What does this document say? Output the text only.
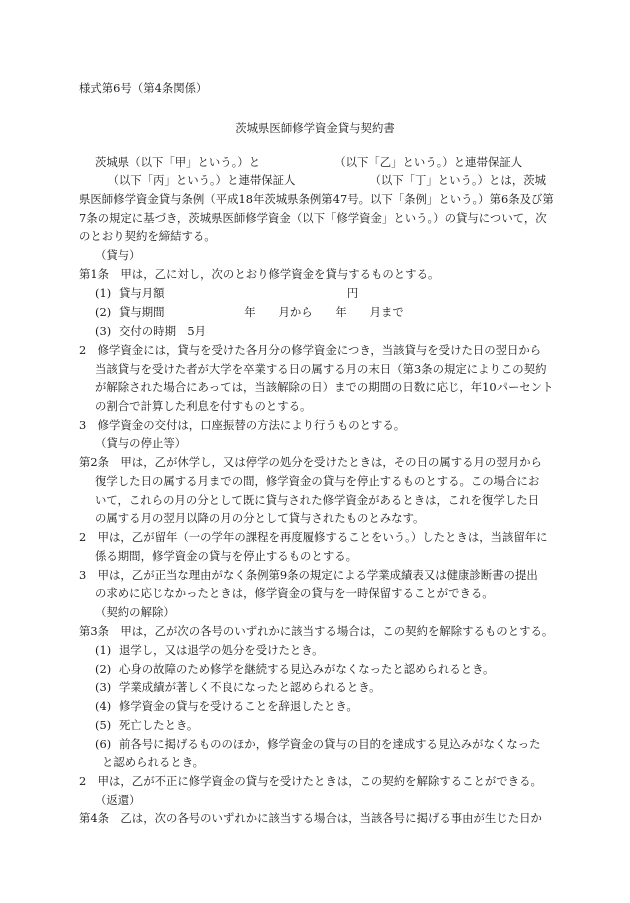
様式第6号（第4条関係）
茨城県医師修学資金貸与契約書
茨城県（以下「甲」という。）と　　　　　　　（以下「乙」という。）と連帯保証人
　　　（以下「丙」という。）と連帯保証人　　　　　　　（以下「丁」という。）とは，茨城
県医師修学資金貸与条例（平成18年茨城県条例第47号。以下「条例」という。）第6条及び第
7条の規定に基づき，茨城県医師修学資金（以下「修学資金」という。）の貸与について，次
のとおり契約を締結する。
（貸与）
第1条　甲は，乙に対し，次のとおり修学資金を貸与するものとする。
(1) 貸与月額　　　　　　　　　　　　　　　　円
(2) 貸与期間　　　　　　　年　　月から　　年　　月まで
(3) 交付の時期　5月
2　修学資金には，貸与を受けた各月分の修学資金につき，当該貸与を受けた日の翌日から
当該貸与を受けた者が大学を卒業する日の属する月の末日（第3条の規定によりこの契約
が解除された場合にあっては，当該解除の日）までの期間の日数に応じ，年10パーセント
の割合で計算した利息を付すものとする。
3　修学資金の交付は，口座振替の方法により行うものとする。
（貸与の停止等）
第2条　甲は，乙が休学し，又は停学の処分を受けたときは，その日の属する月の翌月から
復学した日の属する月までの間，修学資金の貸与を停止するものとする。この場合にお
いて，これらの月の分として既に貸与された修学資金があるときは，これを復学した日
の属する月の翌月以降の月の分として貸与されたものとみなす。
2　甲は，乙が留年（一の学年の課程を再度履修することをいう。）したときは，当該留年に
係る期間，修学資金の貸与を停止するものとする。
3　甲は，乙が正当な理由がなく条例第9条の規定による学業成績表又は健康診断書の提出
の求めに応じなかったときは，修学資金の貸与を一時保留することができる。
（契約の解除）
第3条　甲は，乙が次の各号のいずれかに該当する場合は，この契約を解除するものとする。
(1) 退学し，又は退学の処分を受けたとき。
(2) 心身の故障のため修学を継続する見込みがなくなったと認められるとき。
(3) 学業成績が著しく不良になったと認められるとき。
(4) 修学資金の貸与を受けることを辞退したとき。
(5) 死亡したとき。
(6) 前各号に掲げるもののほか，修学資金の貸与の目的を達成する見込みがなくなった
と認められるとき。
2　甲は，乙が不正に修学資金の貸与を受けたときは，この契約を解除することができる。
（返還）
第4条　乙は，次の各号のいずれかに該当する場合は，当該各号に掲げる事由が生じた日か
